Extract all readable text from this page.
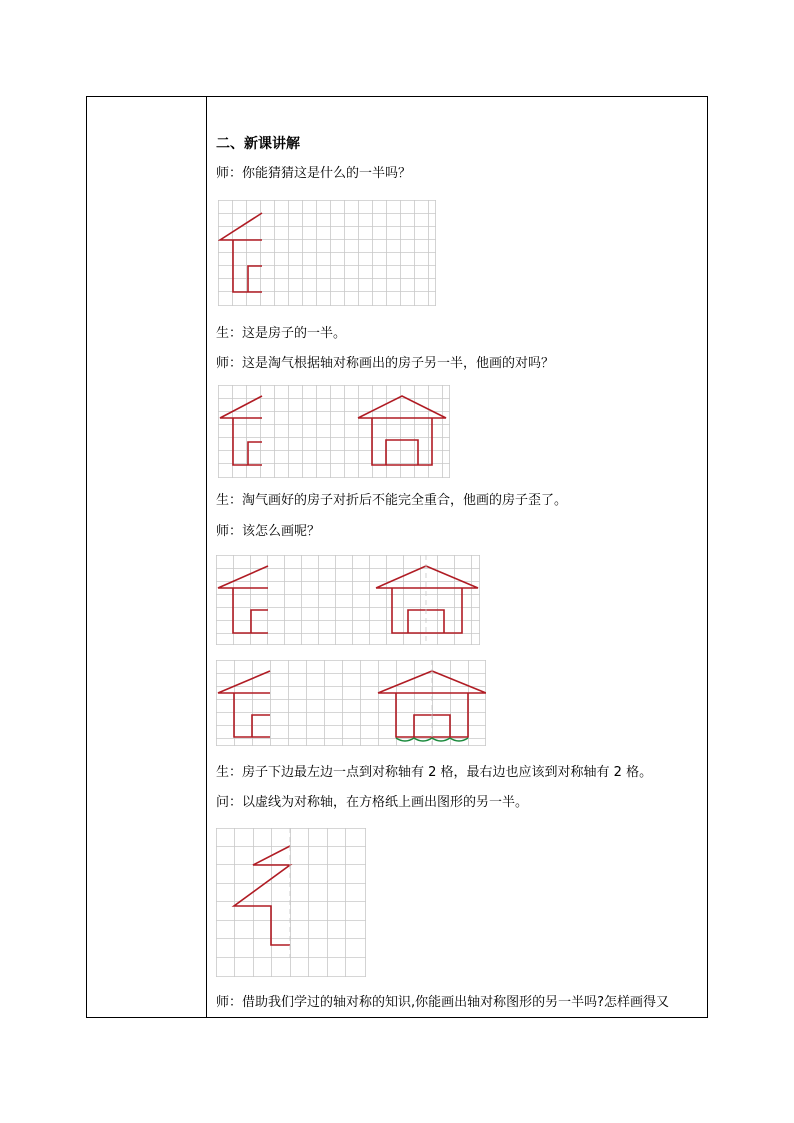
二、新课讲解
师：你能猜猜这是什么的一半吗？
生：这是房子的一半。
师：这是淘气根据轴对称画出的房子另一半，他画的对吗？
生：淘气画好的房子对折后不能完全重合，他画的房子歪了。
师：该怎么画呢？
生：房子下边最左边一点到对称轴有 2 格，最右边也应该到对称轴有 2 格。
问：以虚线为对称轴，在方格纸上画出图形的另一半。
师：借助我们学过的轴对称的知识,你能画出轴对称图形的另一半吗?怎样画得又
